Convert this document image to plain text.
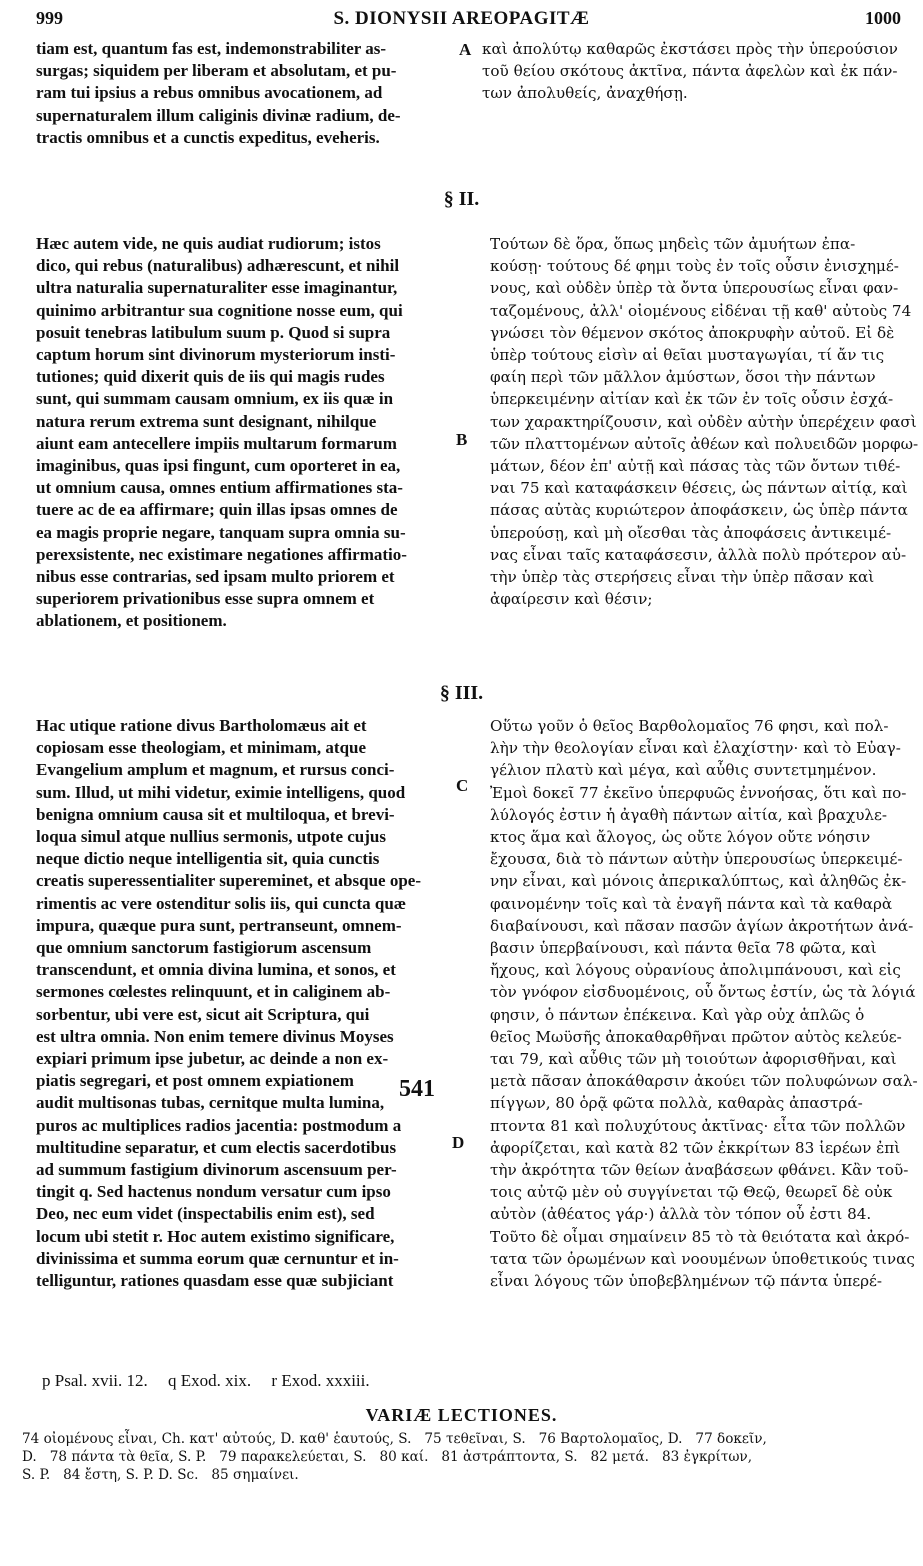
999	S. DIONYSII AREOPAGITÆ	1000
tiam est, quantum fas est, indemonstrabiliter as-
surgas; siquidem per liberam et absolutam, et pu-
ram tui ipsius a rebus omnibus avocationem, ad
supernaturalem illum caliginis divinæ radium, de-
tractis omnibus et a cunctis expeditus, eveheris.
καὶ ἀπολύτῳ καθαρῶς ἐκστάσει πρὸς τὴν ὑπερούσιον
τοῦ θείου σκότους ἀκτῖνα, πάντα ἀφελὼν καὶ ἐκ πάν-
των ἀπολυθείς, ἀναχθήσῃ.
A
§ II.
Hæc autem vide, ne quis audiat rudiorum; istos
dico, qui rebus (naturalibus) adhærescunt, et nihil
ultra naturalia supernaturaliter esse imaginantur,
quinimo arbitrantur sua cognitione nosse eum, qui
posuit tenebras latibulum suum p. Quod si supra
captum horum sint divinorum mysteriorum insti-
tutiones; quid dixerit quis de iis qui magis rudes
sunt, qui summam causam omnium, ex iis quæ in
natura rerum extrema sunt designant, nihilque
aiunt eam antecellere impiis multarum formarum
imaginibus, quas ipsi fingunt, cum oporteret in ea,
ut omnium causa, omnes entium affirmationes sta-
tuere ac de ea affirmare; quin illas ipsas omnes de
ea magis proprie negare, tanquam supra omnia su-
perexsistente, nec existimare negationes affirmatio-
nibus esse contrarias, sed ipsam multo priorem et
superiorem privationibus esse supra omnem et
ablationem, et positionem.
Τούτων δὲ ὅρα, ὅπως μηδεὶς τῶν ἀμυήτων ἐπα-
κούσῃ· τούτους δέ φημι τοὺς ἐν τοῖς οὖσιν ἐνισχημέ-
νους, καὶ οὐδὲν ὑπὲρ τὰ ὄντα ὑπερουσίως εἶναι φαν-
ταζομένους, ἀλλ' οἰομένους εἰδέναι τῇ καθ' αὐτοὺς 74
γνώσει τὸν θέμενον σκότος ἀποκρυφὴν αὐτοῦ. Εἰ δὲ
ὑπὲρ τούτους εἰσὶν αἱ θεῖαι μυσταγωγίαι, τί ἄν τις
φαίη περὶ τῶν μᾶλλον ἀμύστων, ὅσοι τὴν πάντων
ὑπερκειμένην αἰτίαν καὶ ἐκ τῶν ἐν τοῖς οὖσιν ἐσχά-
των χαρακτηρίζουσιν, καὶ οὐδὲν αὐτὴν ὑπερέχειν φασὶ
τῶν πλαττομένων αὐτοῖς ἀθέων καὶ πολυειδῶν μορφω-
μάτων, δέον ἐπ' αὐτῇ καὶ πάσας τὰς τῶν ὄντων τιθέ-
ναι 75 καὶ καταφάσκειν θέσεις, ὡς πάντων αἰτίᾳ, καὶ
πάσας αὐτὰς κυριώτερον ἀποφάσκειν, ὡς ὑπὲρ πάντα
ὑπερούσῃ, καὶ μὴ οἴεσθαι τὰς ἀποφάσεις ἀντικειμέ-
νας εἶναι ταῖς καταφάσεσιν, ἀλλὰ πολὺ πρότερον αὐ-
τὴν ὑπὲρ τὰς στερήσεις εἶναι τὴν ὑπὲρ πᾶσαν καὶ
ἀφαίρεσιν καὶ θέσιν;
B
§ III.
Hac utique ratione divus Bartholomæus ait et
copiosam esse theologiam, et minimam, atque
Evangelium amplum et magnum, et rursus conci-
sum. Illud, ut mihi videtur, eximie intelligens, quod
benigna omnium causa sit et multiloqua, et brevi-
loqua simul atque nullius sermonis, utpote cujus
neque dictio neque intelligentia sit, quia cunctis
creatis superessentialiter supereminet, et absque ope-
rimentis ac vere ostenditur solis iis, qui cuncta quæ
impura, quæque pura sunt, pertranseunt, omnem-
que omnium sanctorum fastigiorum ascensum
transcendunt, et omnia divina lumina, et sonos, et
sermones cœlestes relinquunt, et in caliginem ab-
sorbentur, ubi vere est, sicut ait Scriptura, qui
est ultra omnia. Non enim temere divinus Moyses
expiari primum ipse jubetur, ac deinde a non ex-
piatis segregari, et post omnem expiationem
audit multisonas tubas, cernitque multa lumina,
puros ac multiplices radios jacentia: postmodum a
multitudine separatur, et cum electis sacerdotibus
ad summum fastigium divinorum ascensuum per-
tingit q. Sed hactenus nondum versatur cum ipso
Deo, nec eum videt (inspectabilis enim est), sed
locum ubi stetit r. Hoc autem existimo significare,
divinissima et summa eorum quæ cernuntur et in-
telliguntur, rationes quasdam esse quæ subjiciant
Οὕτω γοῦν ὁ θεῖος Βαρθολομαῖος 76 φησι, καὶ πολ-
λὴν τὴν θεολογίαν εἶναι καὶ ἐλαχίστην· καὶ τὸ Εὐαγ-
γέλιον πλατὺ καὶ μέγα, καὶ αὖθις συντετμημένον.
Ἐμοὶ δοκεῖ 77 ἐκεῖνο ὑπερφυῶς ἐννοήσας, ὅτι καὶ πο-
λύλογός ἐστιν ἡ ἀγαθὴ πάντων αἰτία, καὶ βραχυλε-
κτος ἅμα καὶ ἄλογος, ὡς οὔτε λόγον οὔτε νόησιν
ἔχουσα, διὰ τὸ πάντων αὐτὴν ὑπερουσίως ὑπερκειμέ-
νην εἶναι, καὶ μόνοις ἀπερικαλύπτως, καὶ ἀληθῶς ἐκ-
φαινομένην τοῖς καὶ τὰ ἐναγῆ πάντα καὶ τὰ καθαρὰ
διαβαίνουσι, καὶ πᾶσαν πασῶν ἁγίων ἀκροτήτων ἀνά-
βασιν ὑπερβαίνουσι, καὶ πάντα θεῖα 78 φῶτα, καὶ
ἤχους, καὶ λόγους οὐρανίους ἀπολιμπάνουσι, καὶ εἰς
τὸν γνόφον εἰσδυομένοις, οὗ ὄντως ἐστίν, ὡς τὰ λόγιά
φησιν, ὁ πάντων ἐπέκεινα. Καὶ γὰρ οὐχ ἁπλῶς ὁ
θεῖος Μωϋσῆς ἀποκαθαρθῆναι πρῶτον αὐτὸς κελεύε-
ται 79, καὶ αὖθις τῶν μὴ τοιούτων ἀφορισθῆναι, καὶ
μετὰ πᾶσαν ἀποκάθαρσιν ἀκούει τῶν πολυφώνων σαλ-
πίγγων, 80 ὁρᾷ φῶτα πολλὰ, καθαρὰς ἀπαστρά-
πτοντα 81 καὶ πολυχύτους ἀκτῖνας· εἶτα τῶν πολλῶν
ἀφορίζεται, καὶ κατὰ 82 τῶν ἐκκρίτων 83 ἱερέων ἐπὶ
τὴν ἀκρότητα τῶν θείων ἀναβάσεων φθάνει. Κἂν τοῦ-
τοις αὐτῷ μὲν οὐ συγγίνεται τῷ Θεῷ, θεωρεῖ δὲ οὐκ
αὐτὸν (ἀθέατος γάρ·) ἀλλὰ τὸν τόπον οὗ ἐστι 84.
Τοῦτο δὲ οἶμαι σημαίνειν 85 τὸ τὰ θειότατα καὶ ἀκρό-
τατα τῶν ὁρωμένων καὶ νοουμένων ὑποθετικούς τινας
εἶναι λόγους τῶν ὑποβεβλημένων τῷ πάντα ὑπερέ-
C
D
541
p Psal. xvii. 12. q Exod. xix. r Exod. xxxiii.
VARIÆ LECTIONES.
74 οἰομένους εἶναι, Ch. κατ' αὐτούς, D. καθ' ἑαυτούς, S.   75 τεθεῖναι, S.   76 Βαρτολομαῖος, D.   77 δοκεῖν,
D.   78 πάντα τὰ θεῖα, S. P.   79 παρακελεύεται, S.   80 καί.   81 ἀστράπτοντα, S.   82 μετά.   83 ἐγκρίτων,
S. P.   84 ἔστη, S. P. D. Sc.   85 σημαίνει.
